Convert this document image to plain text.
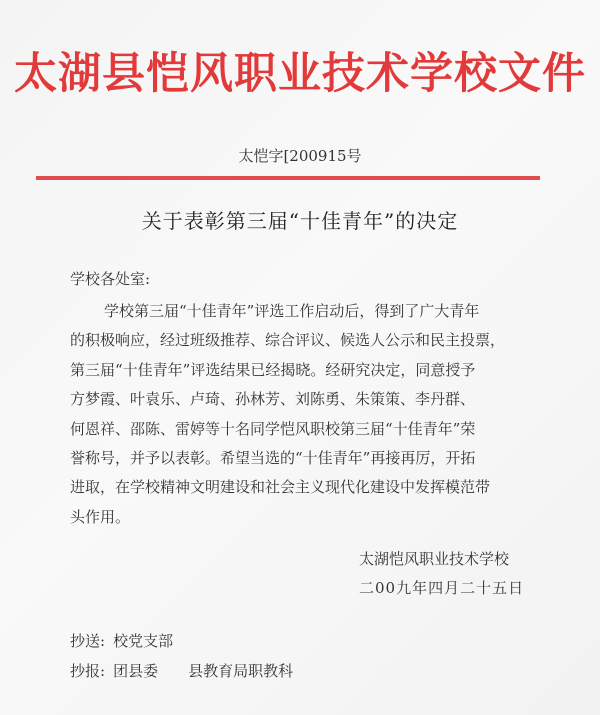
太湖县恺风职业技术学校文件
太恺字[200915号
关于表彰第三届“十佳青年”的决定
学校各处室:
学校第三届“十佳青年”评选工作启动后，得到了广大青年
的积极响应，经过班级推荐、综合评议、候选人公示和民主投票，
第三届“十佳青年”评选结果已经揭晓。经研究决定，同意授予
方梦霞、叶袁乐、卢琦、孙林芳、刘陈勇、朱策策、李丹群、
何恩祥、邵陈、雷婷等十名同学恺风职校第三届“十佳青年”荣
誉称号，并予以表彰。希望当选的“十佳青年”再接再厉，开拓
进取，在学校精神文明建设和社会主义现代化建设中发挥模范带
头作用。
太湖恺风职业技术学校
二00九年四月二十五日
抄送: 校党支部
抄报: 团县委 县教育局职教科
